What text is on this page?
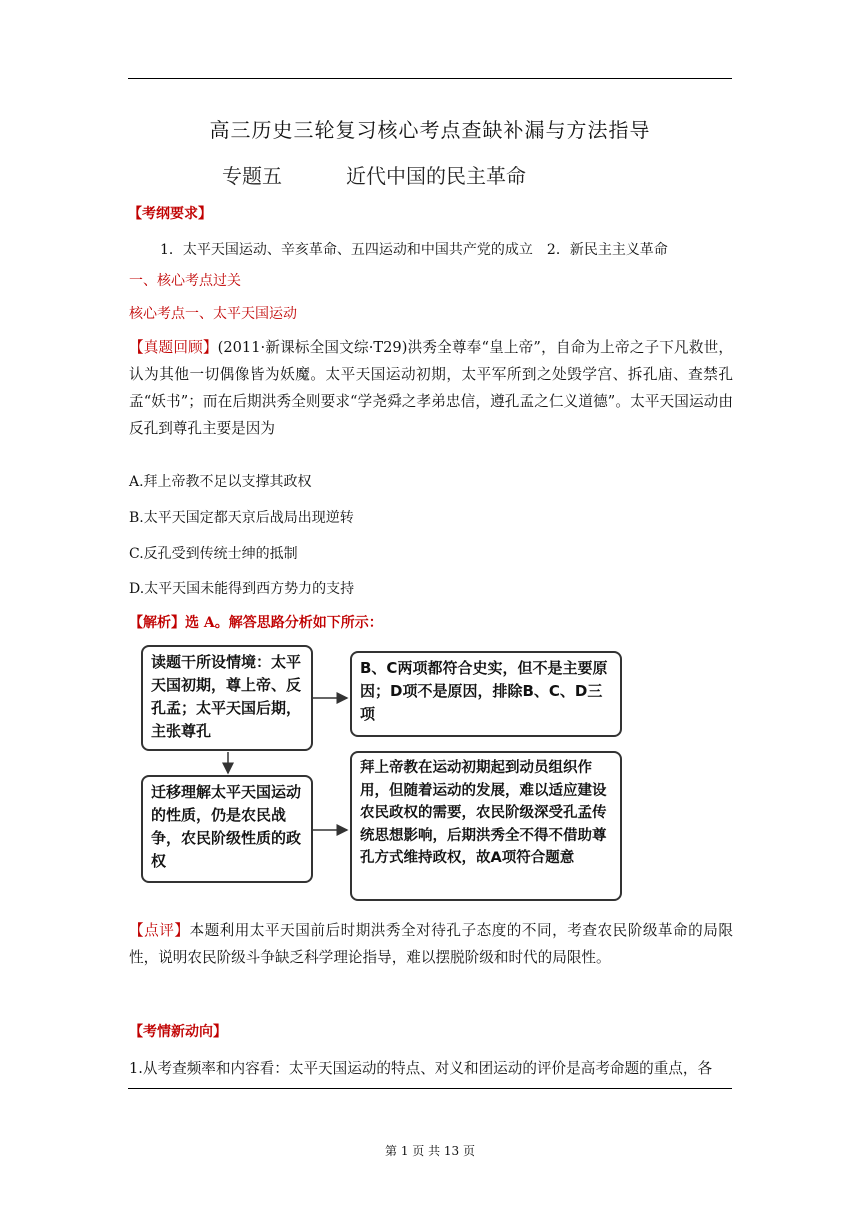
高三历史三轮复习核心考点查缺补漏与方法指导
专题五	近代中国的民主革命
【考纲要求】
1．太平天国运动、辛亥革命、五四运动和中国共产党的成立　2．新民主主义革命
一、核心考点过关
核心考点一、太平天国运动
【真题回顾】(2011·新课标全国文综·T29)洪秀全尊奉“皇上帝”，自命为上帝之子下凡救世，认为其他一切偶像皆为妖魔。太平天国运动初期，太平军所到之处毁学宫、拆孔庙、查禁孔孟“妖书”；而在后期洪秀全则要求“学尧舜之孝弟忠信，遵孔孟之仁义道德”。太平天国运动由反孔到尊孔主要是因为
A.拜上帝教不足以支撑其政权
B.太平天国定都天京后战局出现逆转
C.反孔受到传统士绅的抵制
D.太平天国未能得到西方势力的支持
【解析】选 A。解答思路分析如下所示：
读题干所设情境：太平天国初期，尊上帝、反孔孟；太平天国后期，主张尊孔
B、C两项都符合史实，但不是主要原因；D项不是原因，排除B、C、D三项
迁移理解太平天国运动的性质，仍是农民战争，农民阶级性质的政权
拜上帝教在运动初期起到动员组织作用，但随着运动的发展，难以适应建设农民政权的需要，农民阶级深受孔孟传统思想影响，后期洪秀全不得不借助尊孔方式维持政权，故A项符合题意
【点评】本题利用太平天国前后时期洪秀全对待孔子态度的不同，考查农民阶级革命的局限性，说明农民阶级斗争缺乏科学理论指导，难以摆脱阶级和时代的局限性。
【考情新动向】
1.从考查频率和内容看：太平天国运动的特点、对义和团运动的评价是高考命题的重点，各
第 1 页 共 13 页
